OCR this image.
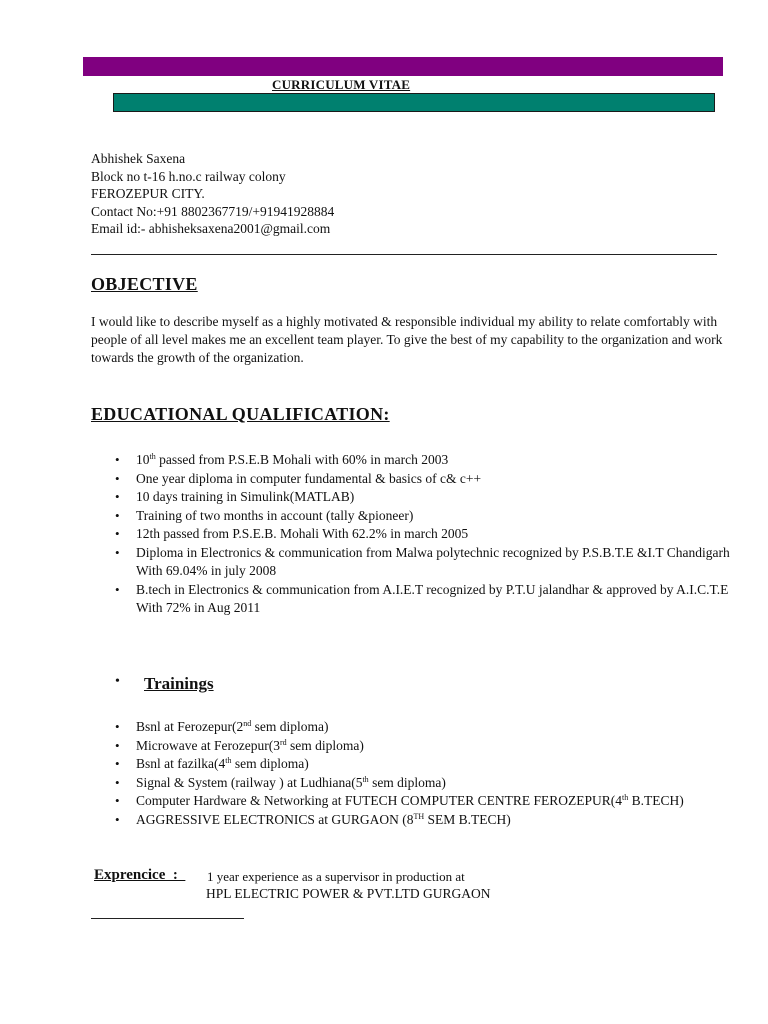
CURRICULUM VITAE
Abhishek Saxena
Block no t-16 h.no.c railway colony
FEROZEPUR CITY.
Contact No:+91 8802367719/+91941928884
Email id:- abhisheksaxena2001@gmail.com
OBJECTIVE
I would like to describe myself as a highly motivated & responsible individual my ability to relate comfortably with people of all level makes me an excellent team player. To give the best of my capability to the organization and work towards the growth of the organization.
EDUCATIONAL QUALIFICATION:
• 10th passed from P.S.E.B Mohali with 60% in march 2003
• One year diploma in computer fundamental & basics of c& c++
• 10 days training in Simulink(MATLAB)
• Training of two months in account (tally &pioneer)
• 12th passed from P.S.E.B. Mohali With 62.2% in march 2005
• Diploma in Electronics & communication from Malwa polytechnic recognized by P.S.B.T.E &I.T Chandigarh With 69.04% in july 2008
• B.tech in Electronics & communication from A.I.E.T recognized by P.T.U jalandhar & approved by A.I.C.T.E With 72% in Aug 2011
• Trainings
• Bsnl at Ferozepur(2nd sem diploma)
• Microwave at Ferozepur(3rd sem diploma)
• Bsnl at fazilka(4th sem diploma)
• Signal & System (railway ) at Ludhiana(5th sem diploma)
• Computer Hardware & Networking at FUTECH COMPUTER CENTRE FEROZEPUR(4th B.TECH)
• AGGRESSIVE ELECTRONICS at GURGAON (8TH SEM B.TECH)
Exprencice  : 1 year experience as a supervisor in production at
HPL ELECTRIC POWER & PVT.LTD GURGAON
